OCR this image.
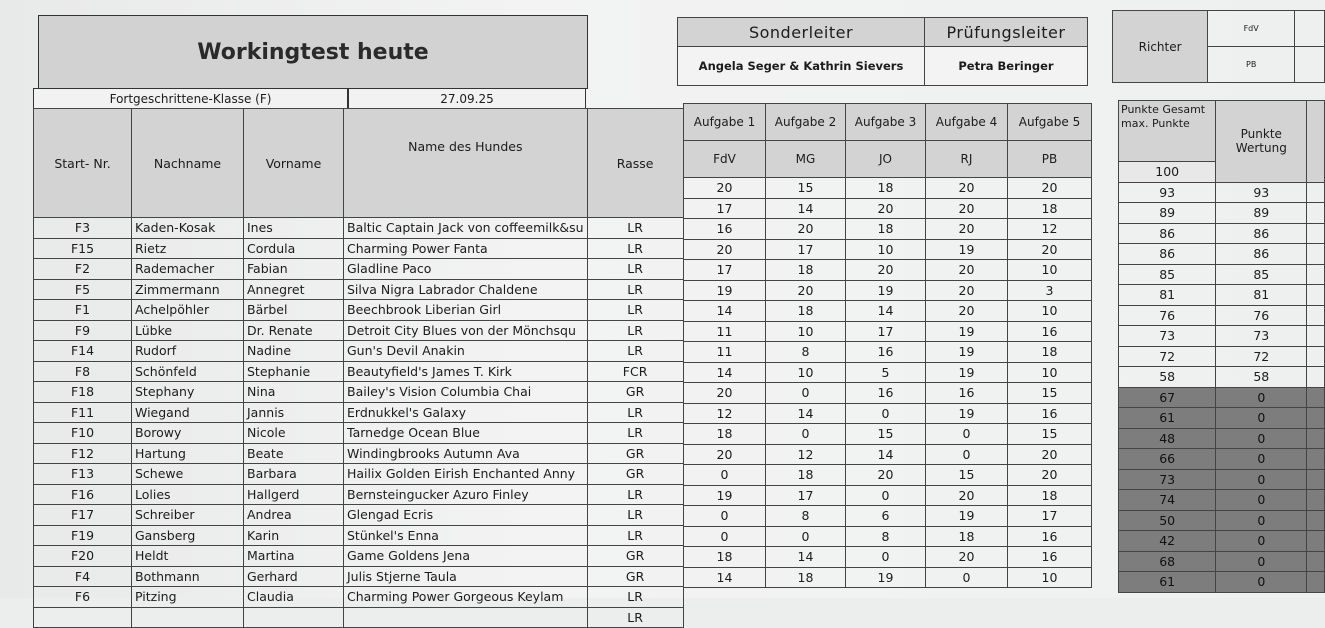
Workingtest heute
Fortgeschrittene-Klasse (F)	27.09.25
Sonderleiter	Prüfungsleiter
Angela Seger & Kathrin Sievers	Petra Beringer
Richter	FdV	
	PB	
Start- Nr.	Nachname	Vorname	Name des Hundes	Rasse
F3	Kaden-Kosak	Ines	Baltic Captain Jack von coffeemilk&su	LR
F15	Rietz	Cordula	Charming Power Fanta	LR
F2	Rademacher	Fabian	Gladline Paco	LR
F5	Zimmermann	Annegret	Silva Nigra Labrador Chaldene	LR
F1	Achelpöhler	Bärbel	Beechbrook Liberian Girl	LR
F9	Lübke	Dr. Renate	Detroit City Blues von der Mönchsqu	LR
F14	Rudorf	Nadine	Gun's Devil Anakin	LR
F8	Schönfeld	Stephanie	Beautyfield's James T. Kirk	FCR
F18	Stephany	Nina	Bailey's Vision Columbia Chai	GR
F11	Wiegand	Jannis	Erdnukkel's Galaxy	LR
F10	Borowy	Nicole	Tarnedge Ocean Blue	LR
F12	Hartung	Beate	Windingbrooks Autumn Ava	GR
F13	Schewe	Barbara	Hailix Golden Eirish Enchanted Anny	GR
F16	Lolies	Hallgerd	Bernsteingucker Azuro Finley	LR
F17	Schreiber	Andrea	Glengad Ecris	LR
F19	Gansberg	Karin	Stünkel's Enna	LR
F20	Heldt	Martina	Game Goldens Jena	GR
F4	Bothmann	Gerhard	Julis Stjerne Taula	GR
F6	Pitzing	Claudia	Charming Power Gorgeous Keylam	LR
				LR
Aufgabe 1	Aufgabe 2	Aufgabe 3	Aufgabe 4	Aufgabe 5
FdV	MG	JO	RJ	PB
20	15	18	20	20
17	14	20	20	18
16	20	18	20	12
20	17	10	19	20
17	18	20	20	10
19	20	19	20	3
14	18	14	20	10
11	10	17	19	16
11	8	16	19	18
14	10	5	19	10
20	0	16	16	15
12	14	0	19	16
18	0	15	0	15
20	12	14	0	20
0	18	20	15	20
19	17	0	20	18
0	8	6	19	17
0	0	8	18	16
18	14	0	20	16
14	18	19	0	10
Punkte Gesamt max. Punkte	Punkte Wertung	
100		
93	93	
89	89	
86	86	
86	86	
85	85	
81	81	
76	76	
73	73	
72	72	
58	58	
67	0	
61	0	
48	0	
66	0	
73	0	
74	0	
50	0	
42	0	
68	0	
61	0	
